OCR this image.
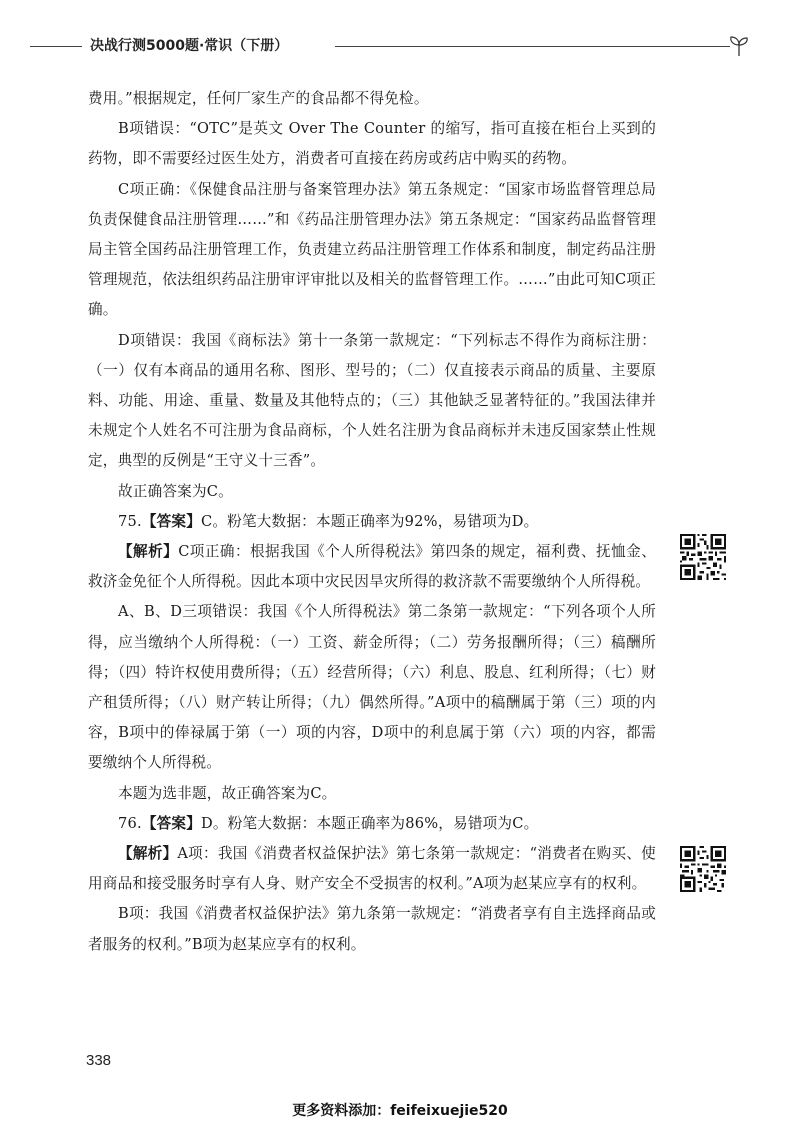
决战行测5000题·常识（下册）

费用。”根据规定，任何厂家生产的食品都不得免检。

B项错误：“OTC”是英文 Over The Counter 的缩写，指可直接在柜台上买到的药物，即不需要经过医生处方，消费者可直接在药房或药店中购买的药物。

C项正确：《保健食品注册与备案管理办法》第五条规定：“国家市场监督管理总局负责保健食品注册管理……”和《药品注册管理办法》第五条规定：“国家药品监督管理局主管全国药品注册管理工作，负责建立药品注册管理工作体系和制度，制定药品注册管理规范，依法组织药品注册审评审批以及相关的监督管理工作。……”由此可知C项正确。

D项错误：我国《商标法》第十一条第一款规定：“下列标志不得作为商标注册：（一）仅有本商品的通用名称、图形、型号的；（二）仅直接表示商品的质量、主要原料、功能、用途、重量、数量及其他特点的；（三）其他缺乏显著特征的。”我国法律并未规定个人姓名不可注册为食品商标，个人姓名注册为食品商标并未违反国家禁止性规定，典型的反例是“王守义十三香”。

故正确答案为C。

75.【答案】C。粉笔大数据：本题正确率为92%，易错项为D。

【解析】C项正确：根据我国《个人所得税法》第四条的规定，福利费、抚恤金、救济金免征个人所得税。因此本项中灾民因旱灾所得的救济款不需要缴纳个人所得税。

A、B、D三项错误：我国《个人所得税法》第二条第一款规定：“下列各项个人所得，应当缴纳个人所得税：（一）工资、薪金所得；（二）劳务报酬所得；（三）稿酬所得；（四）特许权使用费所得；（五）经营所得；（六）利息、股息、红利所得；（七）财产租赁所得；（八）财产转让所得；（九）偶然所得。”A项中的稿酬属于第（三）项的内容，B项中的俸禄属于第（一）项的内容，D项中的利息属于第（六）项的内容，都需要缴纳个人所得税。

本题为选非题，故正确答案为C。

76.【答案】D。粉笔大数据：本题正确率为86%，易错项为C。

【解析】A项：我国《消费者权益保护法》第七条第一款规定：“消费者在购买、使用商品和接受服务时享有人身、财产安全不受损害的权利。”A项为赵某应享有的权利。

B项：我国《消费者权益保护法》第九条第一款规定：“消费者享有自主选择商品或者服务的权利。”B项为赵某应享有的权利。

338
更多资料添加：feifeixuejie520
